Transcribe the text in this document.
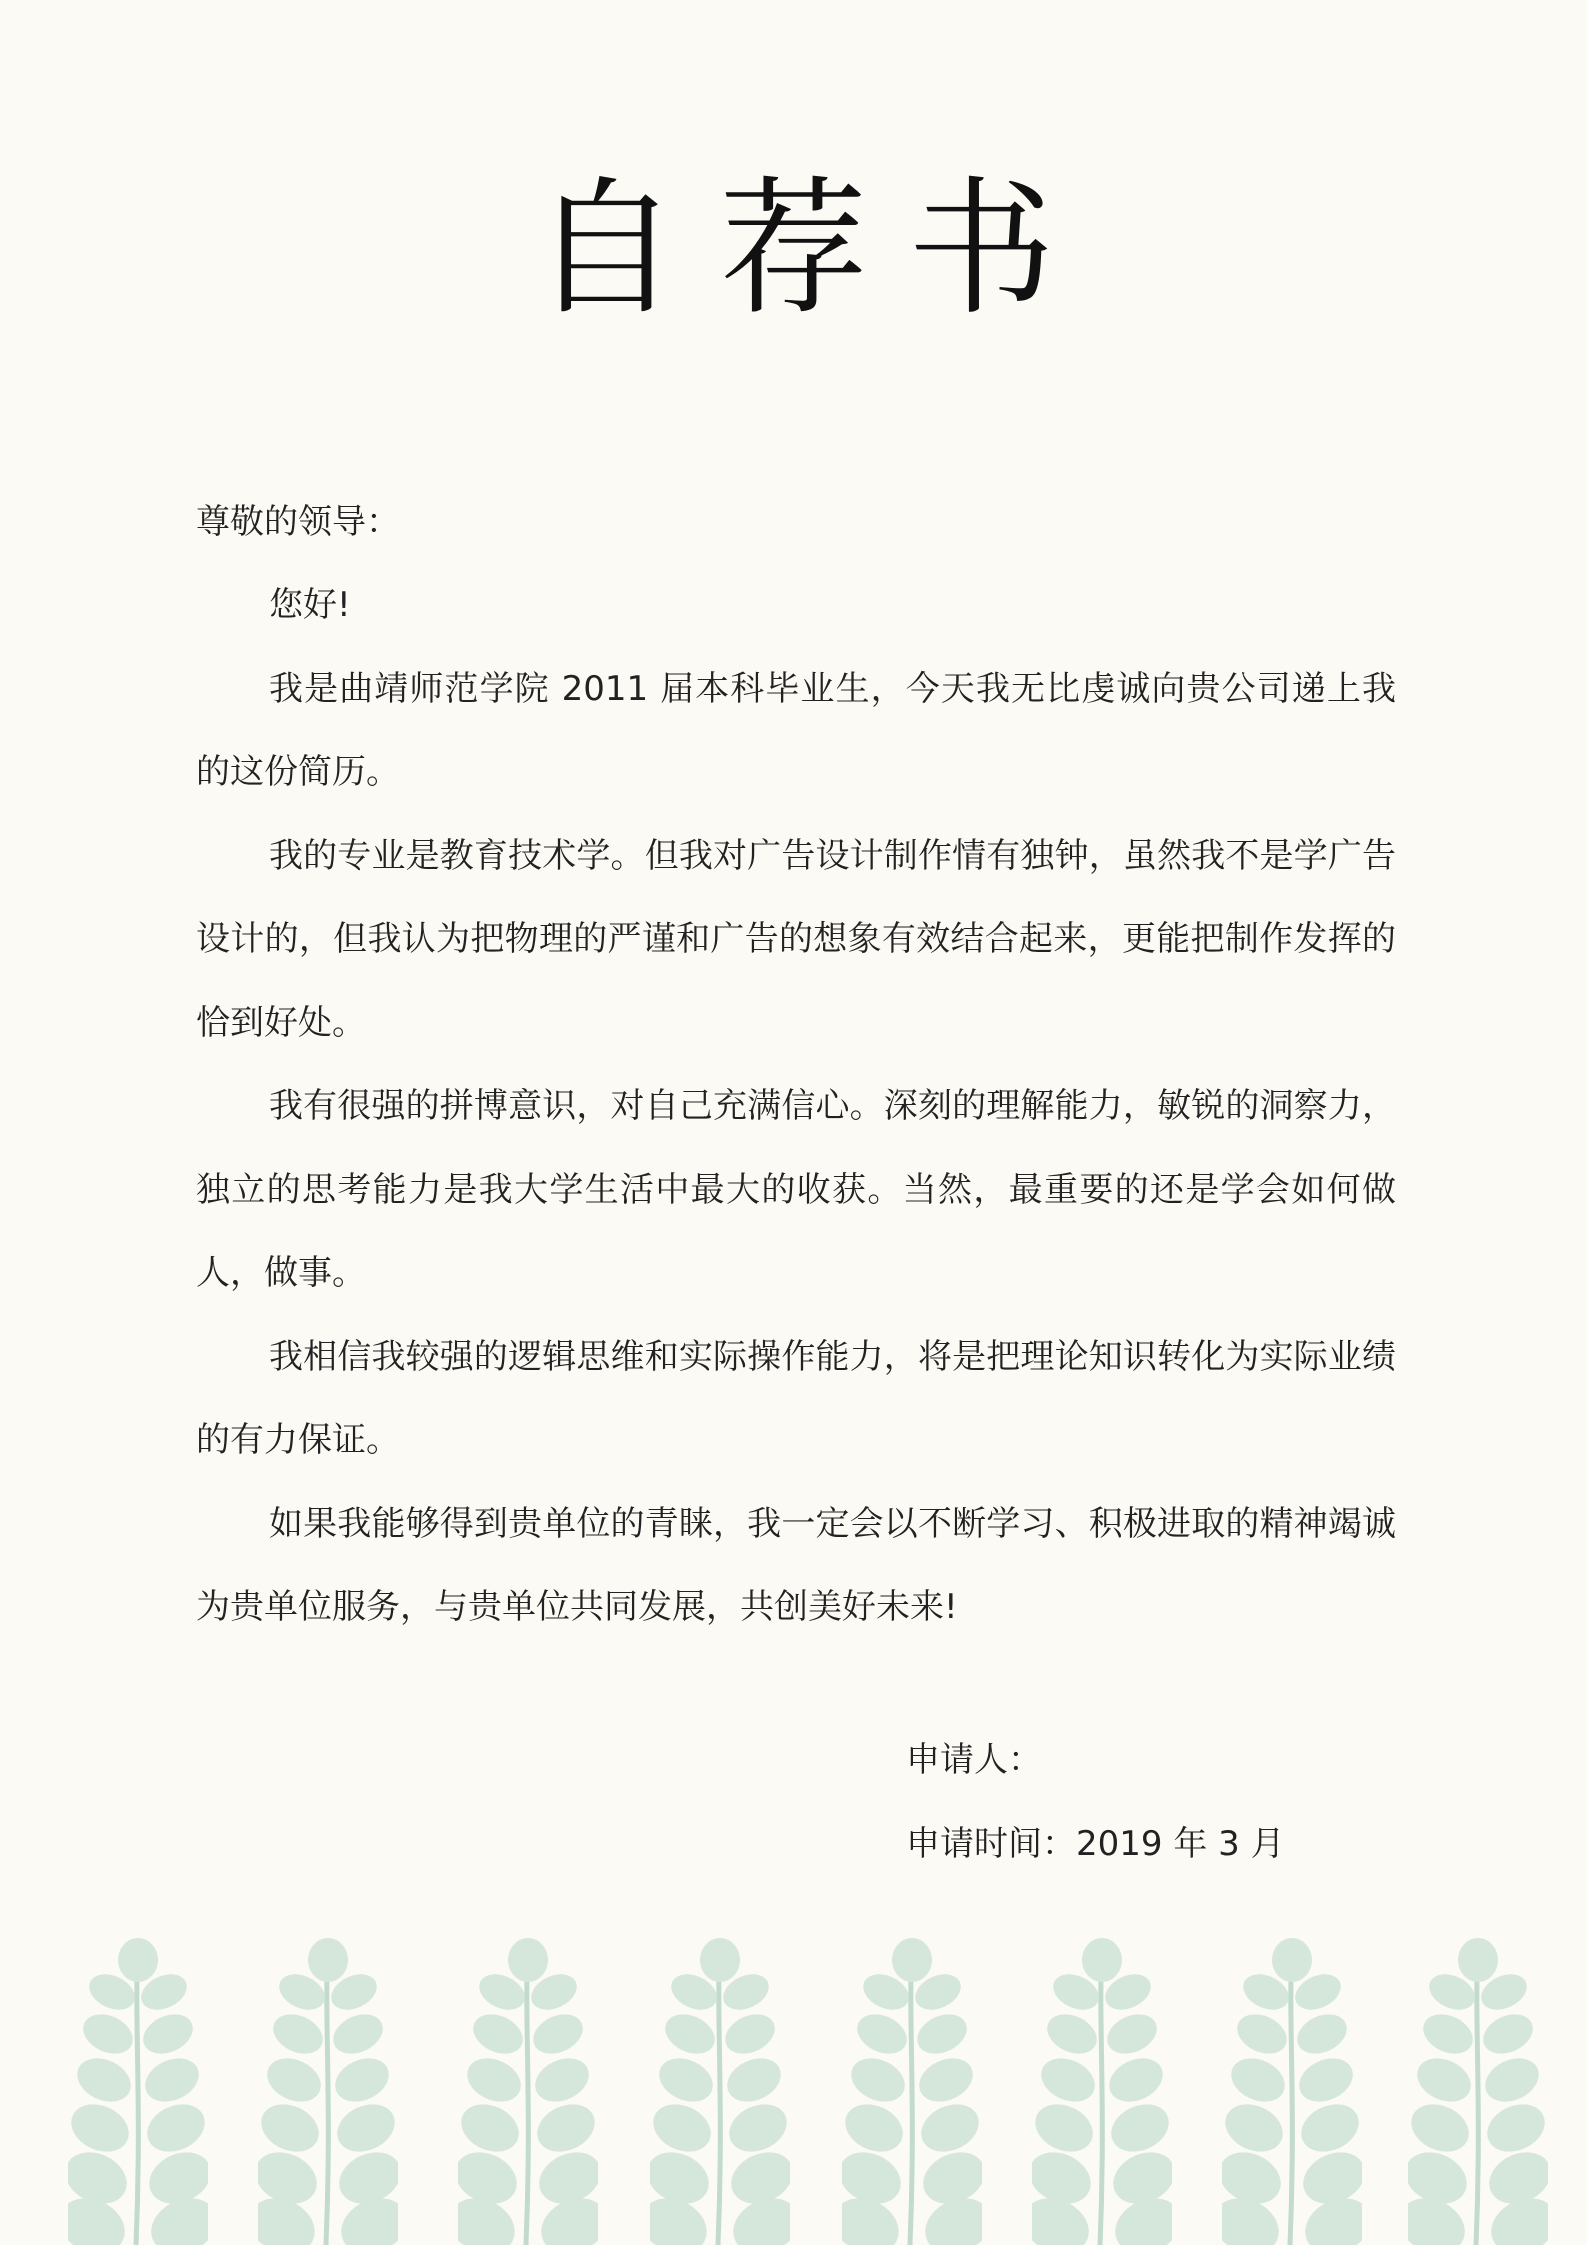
自荐书

尊敬的领导：

您好!

我是曲靖师范学院 2011 届本科毕业生，今天我无比虔诚向贵公司递上我的这份简历。

我的专业是教育技术学。但我对广告设计制作情有独钟，虽然我不是学广告设计的，但我认为把物理的严谨和广告的想象有效结合起来，更能把制作发挥的恰到好处。

我有很强的拼博意识，对自己充满信心。深刻的理解能力，敏锐的洞察力，独立的思考能力是我大学生活中最大的收获。当然，最重要的还是学会如何做人，做事。

我相信我较强的逻辑思维和实际操作能力，将是把理论知识转化为实际业绩的有力保证。

如果我能够得到贵单位的青睐，我一定会以不断学习、积极进取的精神竭诚为贵单位服务，与贵单位共同发展，共创美好未来!

申请人：
申请时间：2019 年 3 月
